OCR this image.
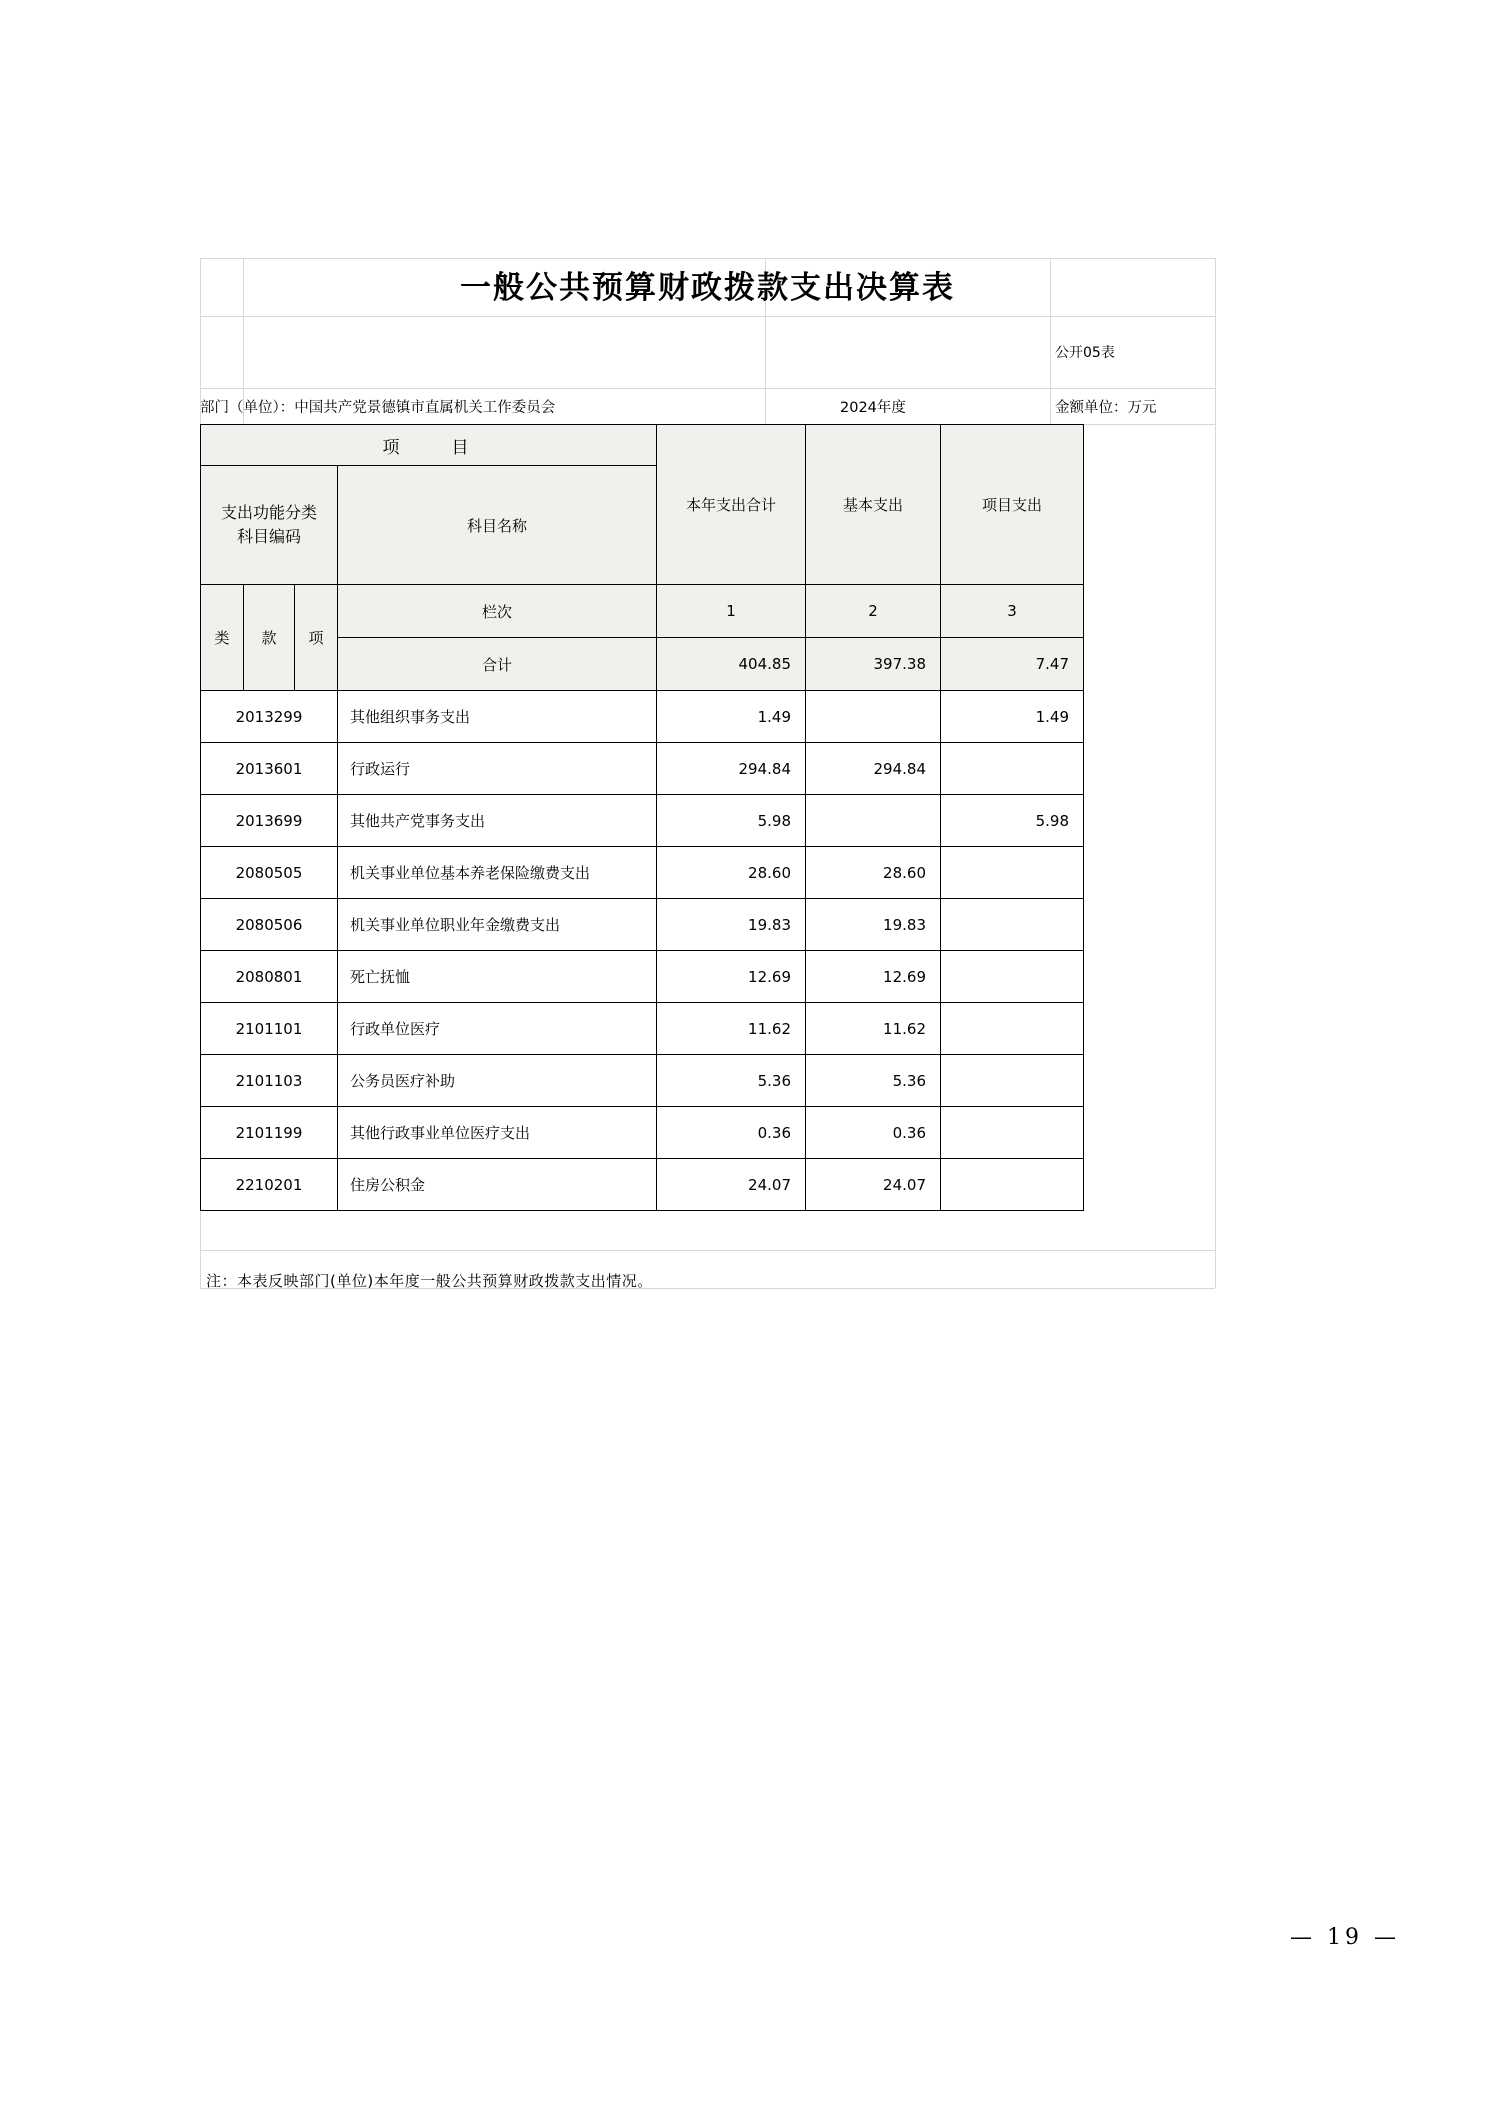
一般公共预算财政拨款支出决算表
公开05表
部门（单位）：中国共产党景德镇市直属机关工作委员会	2024年度	金额单位：万元
项　　目				本年支出合计	基本支出	项目支出

支出功能分类
科目编码			科目名称			
类	款	项	栏次	1	2	3
			合计	404.85	397.38	7.47
2013299			其他组织事务支出	1.49		1.49
2013601			行政运行	294.84	294.84	
2013699			其他共产党事务支出	5.98		5.98
2080505			机关事业单位基本养老保险缴费支出	28.60	28.60	
2080506			机关事业单位职业年金缴费支出	19.83	19.83	
2080801			死亡抚恤	12.69	12.69	
2101101			行政单位医疗	11.62	11.62	
2101103			公务员医疗补助	5.36	5.36	
2101199			其他行政事业单位医疗支出	0.36	0.36	
2210201			住房公积金	24.07	24.07	
注：本表反映部门(单位)本年度一般公共预算财政拨款支出情况。
— 19 —
